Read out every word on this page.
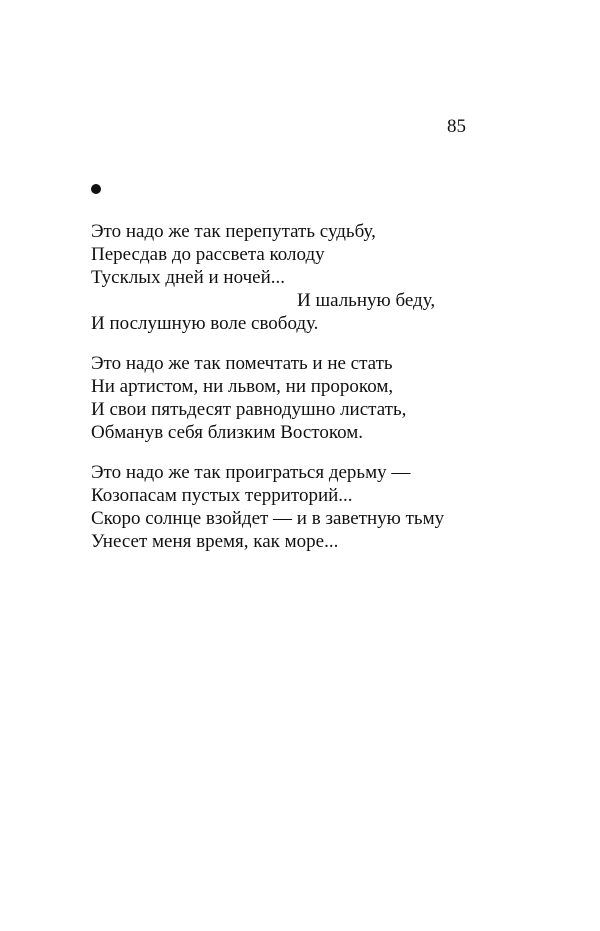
85
Это надо же так перепутать судьбу,
Пересдав до рассвета колоду
Тусклых дней и ночей...
И шальную беду,
И послушную воле свободу.
Это надо же так помечтать и не стать
Ни артистом, ни львом, ни пророком,
И свои пятьдесят равнодушно листать,
Обманув себя близким Востоком.
Это надо же так проиграться дерьму —
Козопасам пустых территорий...
Скоро солнце взойдет — и в заветную тьму
Унесет меня время, как море...
